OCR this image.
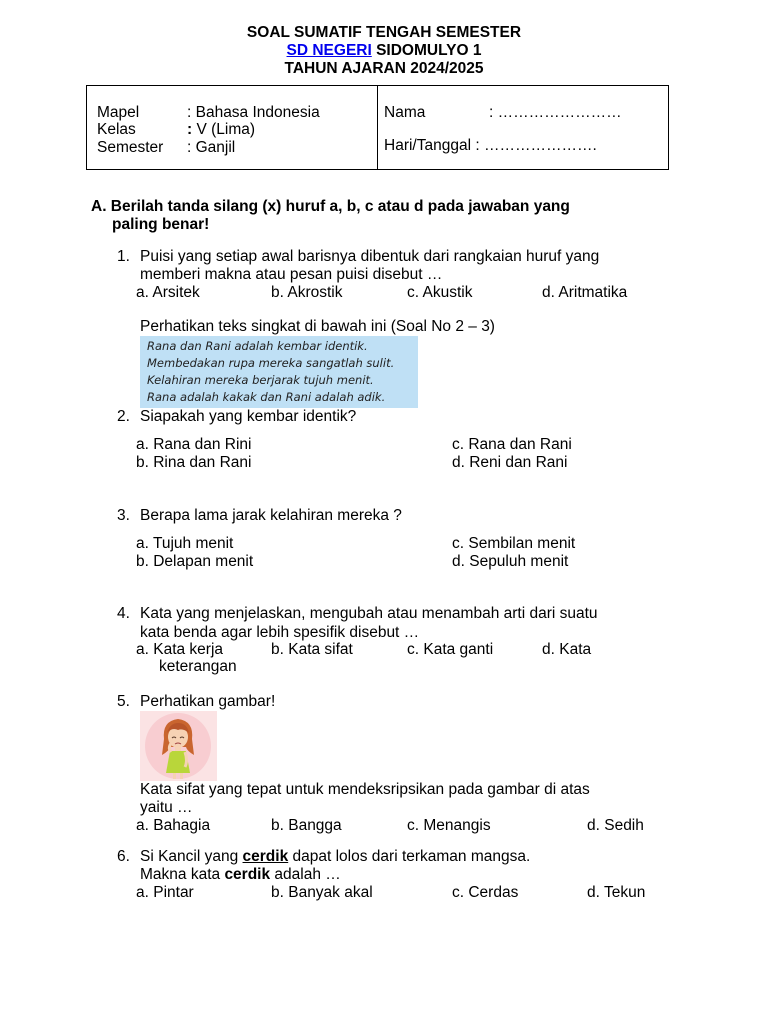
SOAL SUMATIF TENGAH SEMESTER
SD NEGERI SIDOMULYO 1
TAHUN AJARAN 2024/2025
Mapel	: Bahasa Indonesia
Kelas	: V (Lima)
Semester : Ganjil
Nama	: ……………………
Hari/Tanggal : ………………….
A. Berilah tanda silang (x) huruf a, b, c atau d pada jawaban yang
paling benar!
1. Puisi yang setiap awal barisnya dibentuk dari rangkaian huruf yang
memberi makna atau pesan puisi disebut …
a. Arsitek	b. Akrostik	c. Akustik	d. Aritmatika
Perhatikan teks singkat di bawah ini (Soal No 2 – 3)
Rana dan Rani adalah kembar identik.
Membedakan rupa mereka sangatlah sulit.
Kelahiran mereka berjarak tujuh menit.
Rana adalah kakak dan Rani adalah adik.
2. Siapakah yang kembar identik?
a. Rana dan Rini	c. Rana dan Rani
b. Rina dan Rani	d. Reni dan Rani
3. Berapa lama jarak kelahiran mereka ?
a. Tujuh menit	c. Sembilan menit
b. Delapan menit	d. Sepuluh menit
4. Kata yang menjelaskan, mengubah atau menambah arti dari suatu
kata benda agar lebih spesifik disebut …
a. Kata kerja	b. Kata sifat	c. Kata ganti	d. Kata
keterangan
5. Perhatikan gambar!
Kata sifat yang tepat untuk mendeksripsikan pada gambar di atas
yaitu …
a. Bahagia	b. Bangga	c. Menangis	d. Sedih
6. Si Kancil yang cerdik dapat lolos dari terkaman mangsa.
Makna kata cerdik adalah …
a. Pintar	b. Banyak akal	c. Cerdas	d. Tekun
